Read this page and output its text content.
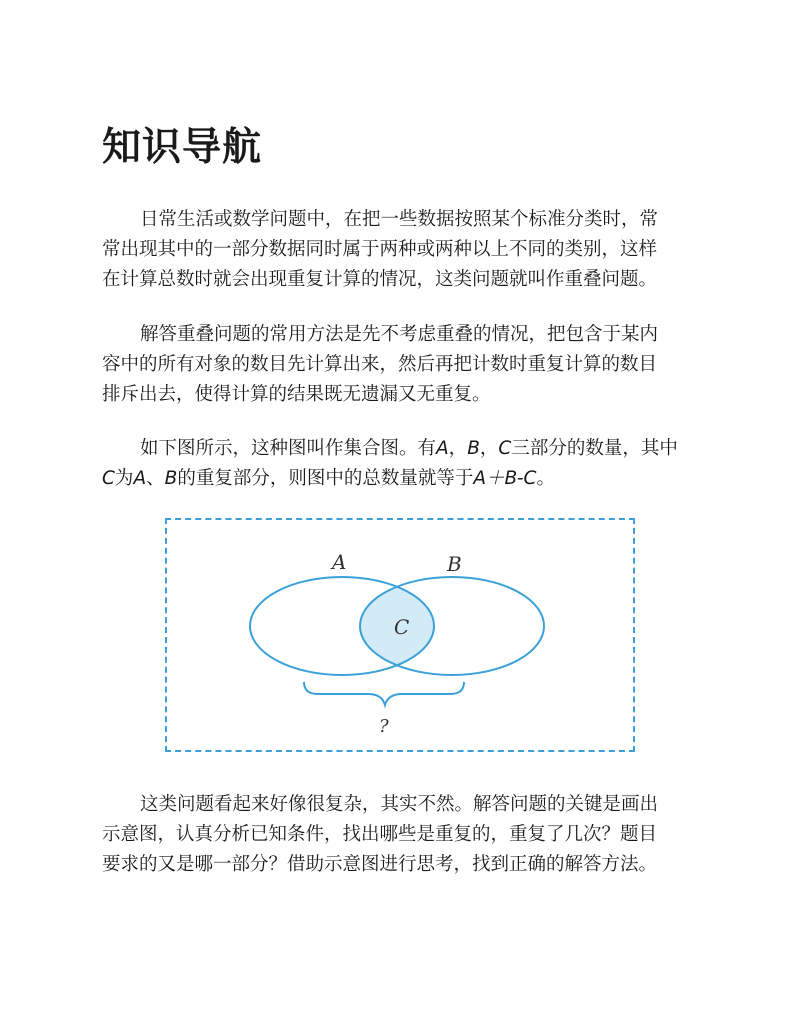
知识导航
日常生活或数学问题中，在把一些数据按照某个标准分类时，常
常出现其中的一部分数据同时属于两种或两种以上不同的类别，这样
在计算总数时就会出现重复计算的情况，这类问题就叫作重叠问题。
解答重叠问题的常用方法是先不考虑重叠的情况，把包含于某内
容中的所有对象的数目先计算出来，然后再把计数时重复计算的数目
排斥出去，使得计算的结果既无遗漏又无重复。
如下图所示，这种图叫作集合图。有A，B，C三部分的数量，其中
C为A、B的重复部分，则图中的总数量就等于A＋B-C。
A	B
C
?
这类问题看起来好像很复杂，其实不然。解答问题的关键是画出
示意图，认真分析已知条件，找出哪些是重复的，重复了几次？题目
要求的又是哪一部分？借助示意图进行思考，找到正确的解答方法。
